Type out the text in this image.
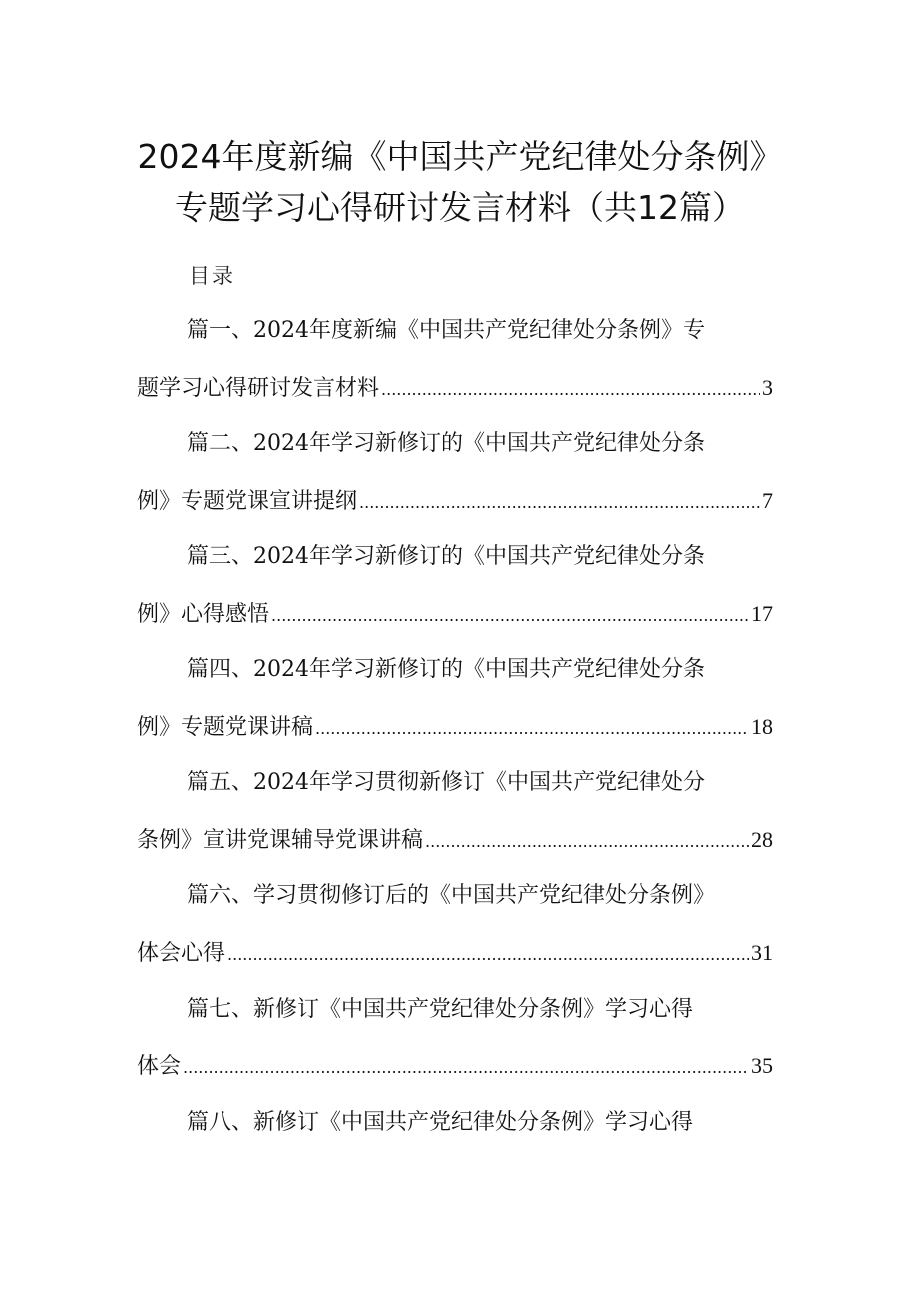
2024年度新编《中国共产党纪律处分条例》
专题学习心得研讨发言材料（共12篇）
目录
篇一、2024年度新编《中国共产党纪律处分条例》专
题学习心得研讨发言材料 .....	3
篇二、2024年学习新修订的《中国共产党纪律处分条
例》专题党课宣讲提纲 .....	7
篇三、2024年学习新修订的《中国共产党纪律处分条
例》心得感悟 .....	17
篇四、2024年学习新修订的《中国共产党纪律处分条
例》专题党课讲稿 .....	18
篇五、2024年学习贯彻新修订《中国共产党纪律处分
条例》宣讲党课辅导党课讲稿 .....	28
篇六、学习贯彻修订后的《中国共产党纪律处分条例》
体会心得 .....	31
篇七、新修订《中国共产党纪律处分条例》学习心得
体会 .....	35
篇八、新修订《中国共产党纪律处分条例》学习心得
